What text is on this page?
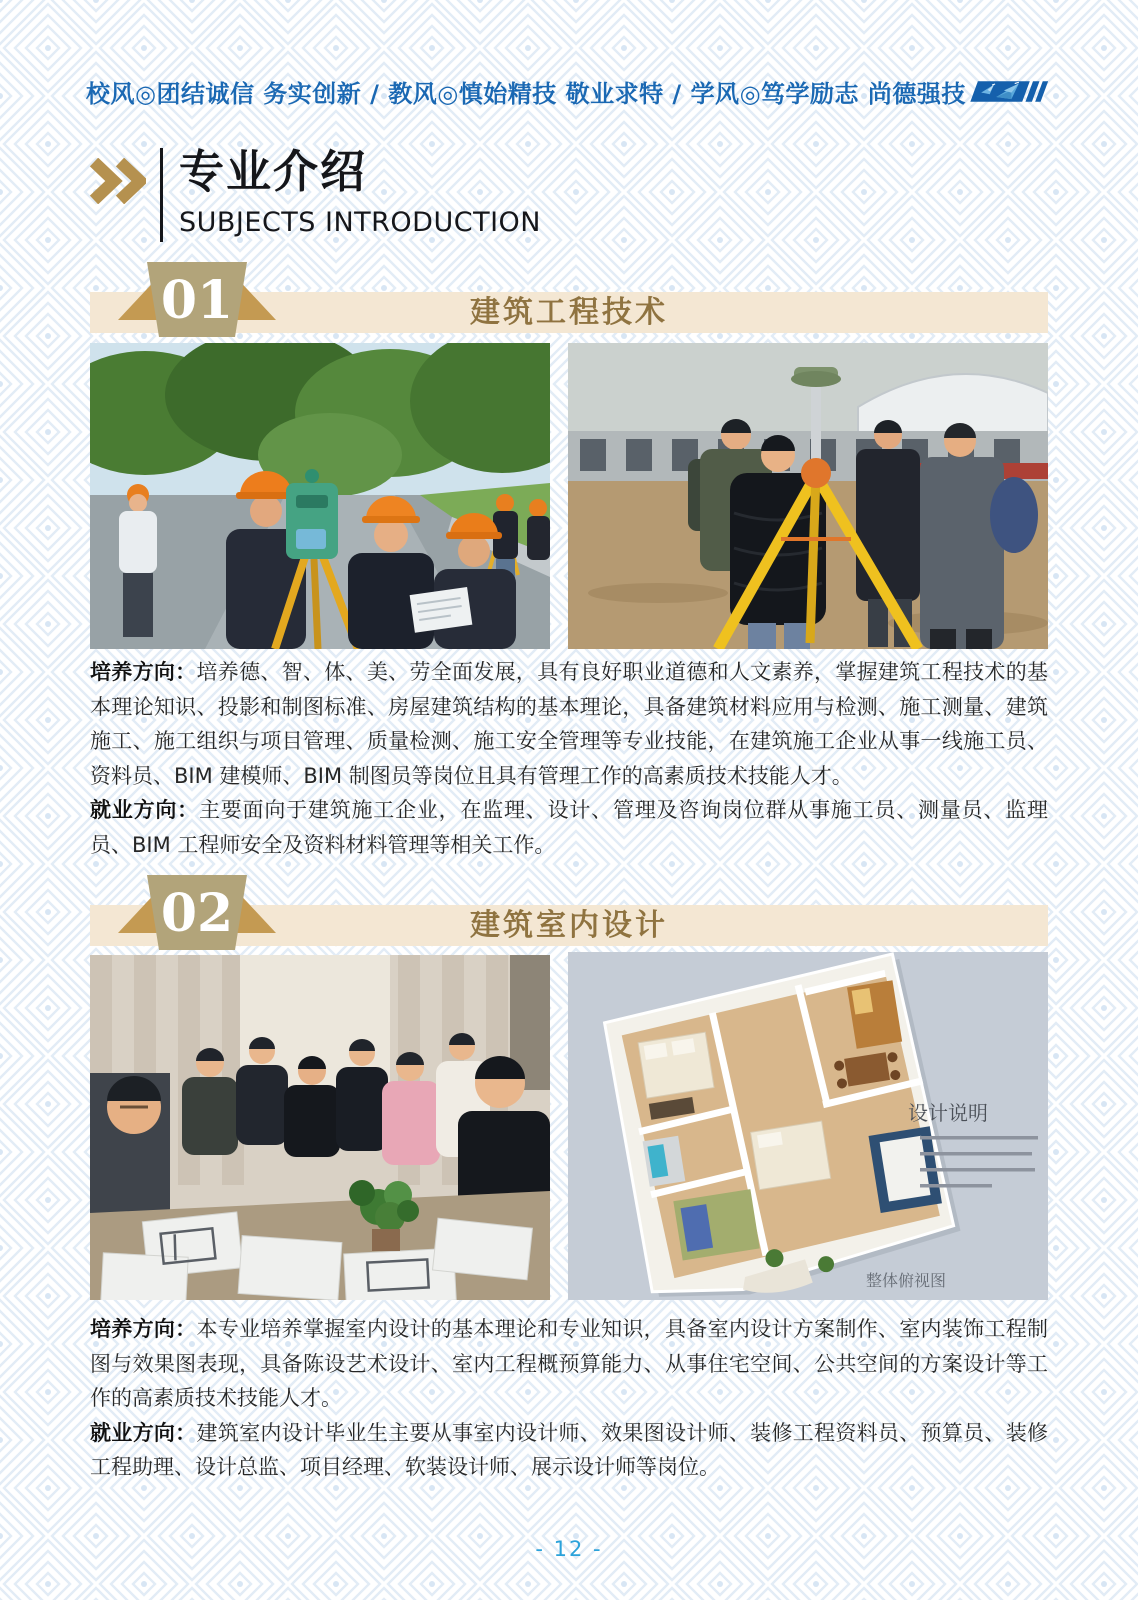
校风◎团结诚信 务实创新 / 教风◎慎始精技 敬业求特 / 学风◎笃学励志 尚德强技
专业介绍
SUBJECTS INTRODUCTION
建筑工程技术
01

培养方向：培养德、智、体、美、劳全面发展，具有良好职业道德和人文素养，掌握建筑工程技术的基本理论知识、投影和制图标准、房屋建筑结构的基本理论，具备建筑材料应用与检测、施工测量、建筑施工、施工组织与项目管理、质量检测、施工安全管理等专业技能，在建筑施工企业从事一线施工员、资料员、BIM 建模师、BIM 制图员等岗位且具有管理工作的高素质技术技能人才。

就业方向：主要面向于建筑施工企业，在监理、设计、管理及咨询岗位群从事施工员、测量员、监理员、BIM 工程师安全及资料材料管理等相关工作。

建筑室内设计
02
设计说明
整体俯视图

培养方向：本专业培养掌握室内设计的基本理论和专业知识，具备室内设计方案制作、室内装饰工程制图与效果图表现，具备陈设艺术设计、室内工程概预算能力、从事住宅空间、公共空间的方案设计等工作的高素质技术技能人才。

就业方向：建筑室内设计毕业生主要从事室内设计师、效果图设计师、装修工程资料员、预算员、装修工程助理、设计总监、项目经理、软装设计师、展示设计师等岗位。

- 12 -
